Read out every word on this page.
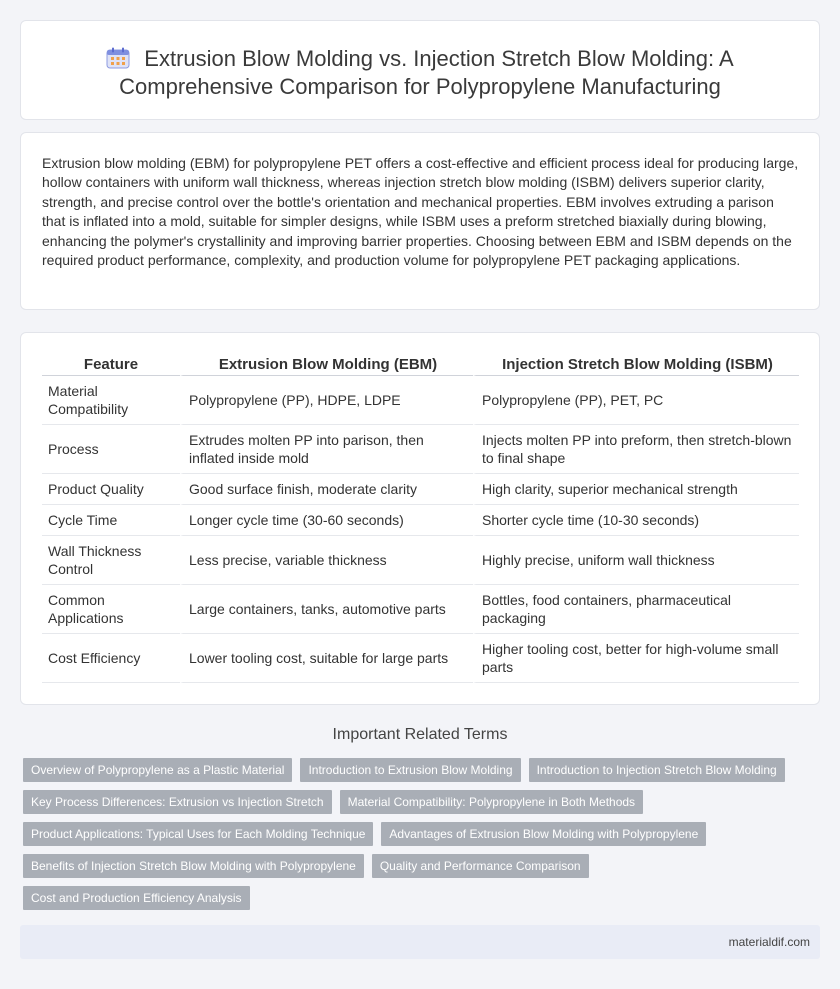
Extrusion Blow Molding vs. Injection Stretch Blow Molding: A Comprehensive Comparison for Polypropylene Manufacturing

Extrusion blow molding (EBM) for polypropylene PET offers a cost-effective and efficient process ideal for producing large, hollow containers with uniform wall thickness, whereas injection stretch blow molding (ISBM) delivers superior clarity, strength, and precise control over the bottle's orientation and mechanical properties. EBM involves extruding a parison that is inflated into a mold, suitable for simpler designs, while ISBM uses a preform stretched biaxially during blowing, enhancing the polymer's crystallinity and improving barrier properties. Choosing between EBM and ISBM depends on the required product performance, complexity, and production volume for polypropylene PET packaging applications.

Feature	Extrusion Blow Molding (EBM)	Injection Stretch Blow Molding (ISBM)
Material Compatibility	Polypropylene (PP), HDPE, LDPE	Polypropylene (PP), PET, PC
Process	Extrudes molten PP into parison, then inflated inside mold	Injects molten PP into preform, then stretch-blown to final shape
Product Quality	Good surface finish, moderate clarity	High clarity, superior mechanical strength
Cycle Time	Longer cycle time (30-60 seconds)	Shorter cycle time (10-30 seconds)
Wall Thickness Control	Less precise, variable thickness	Highly precise, uniform wall thickness
Common Applications	Large containers, tanks, automotive parts	Bottles, food containers, pharmaceutical packaging
Cost Efficiency	Lower tooling cost, suitable for large parts	Higher tooling cost, better for high-volume small parts
Important Related Terms
Overview of Polypropylene as a Plastic Material	Introduction to Extrusion Blow Molding	Introduction to Injection Stretch Blow Molding
Key Process Differences: Extrusion vs Injection Stretch	Material Compatibility: Polypropylene in Both Methods
Product Applications: Typical Uses for Each Molding Technique	Advantages of Extrusion Blow Molding with Polypropylene
Benefits of Injection Stretch Blow Molding with Polypropylene	Quality and Performance Comparison
Cost and Production Efficiency Analysis
materialdif.com
